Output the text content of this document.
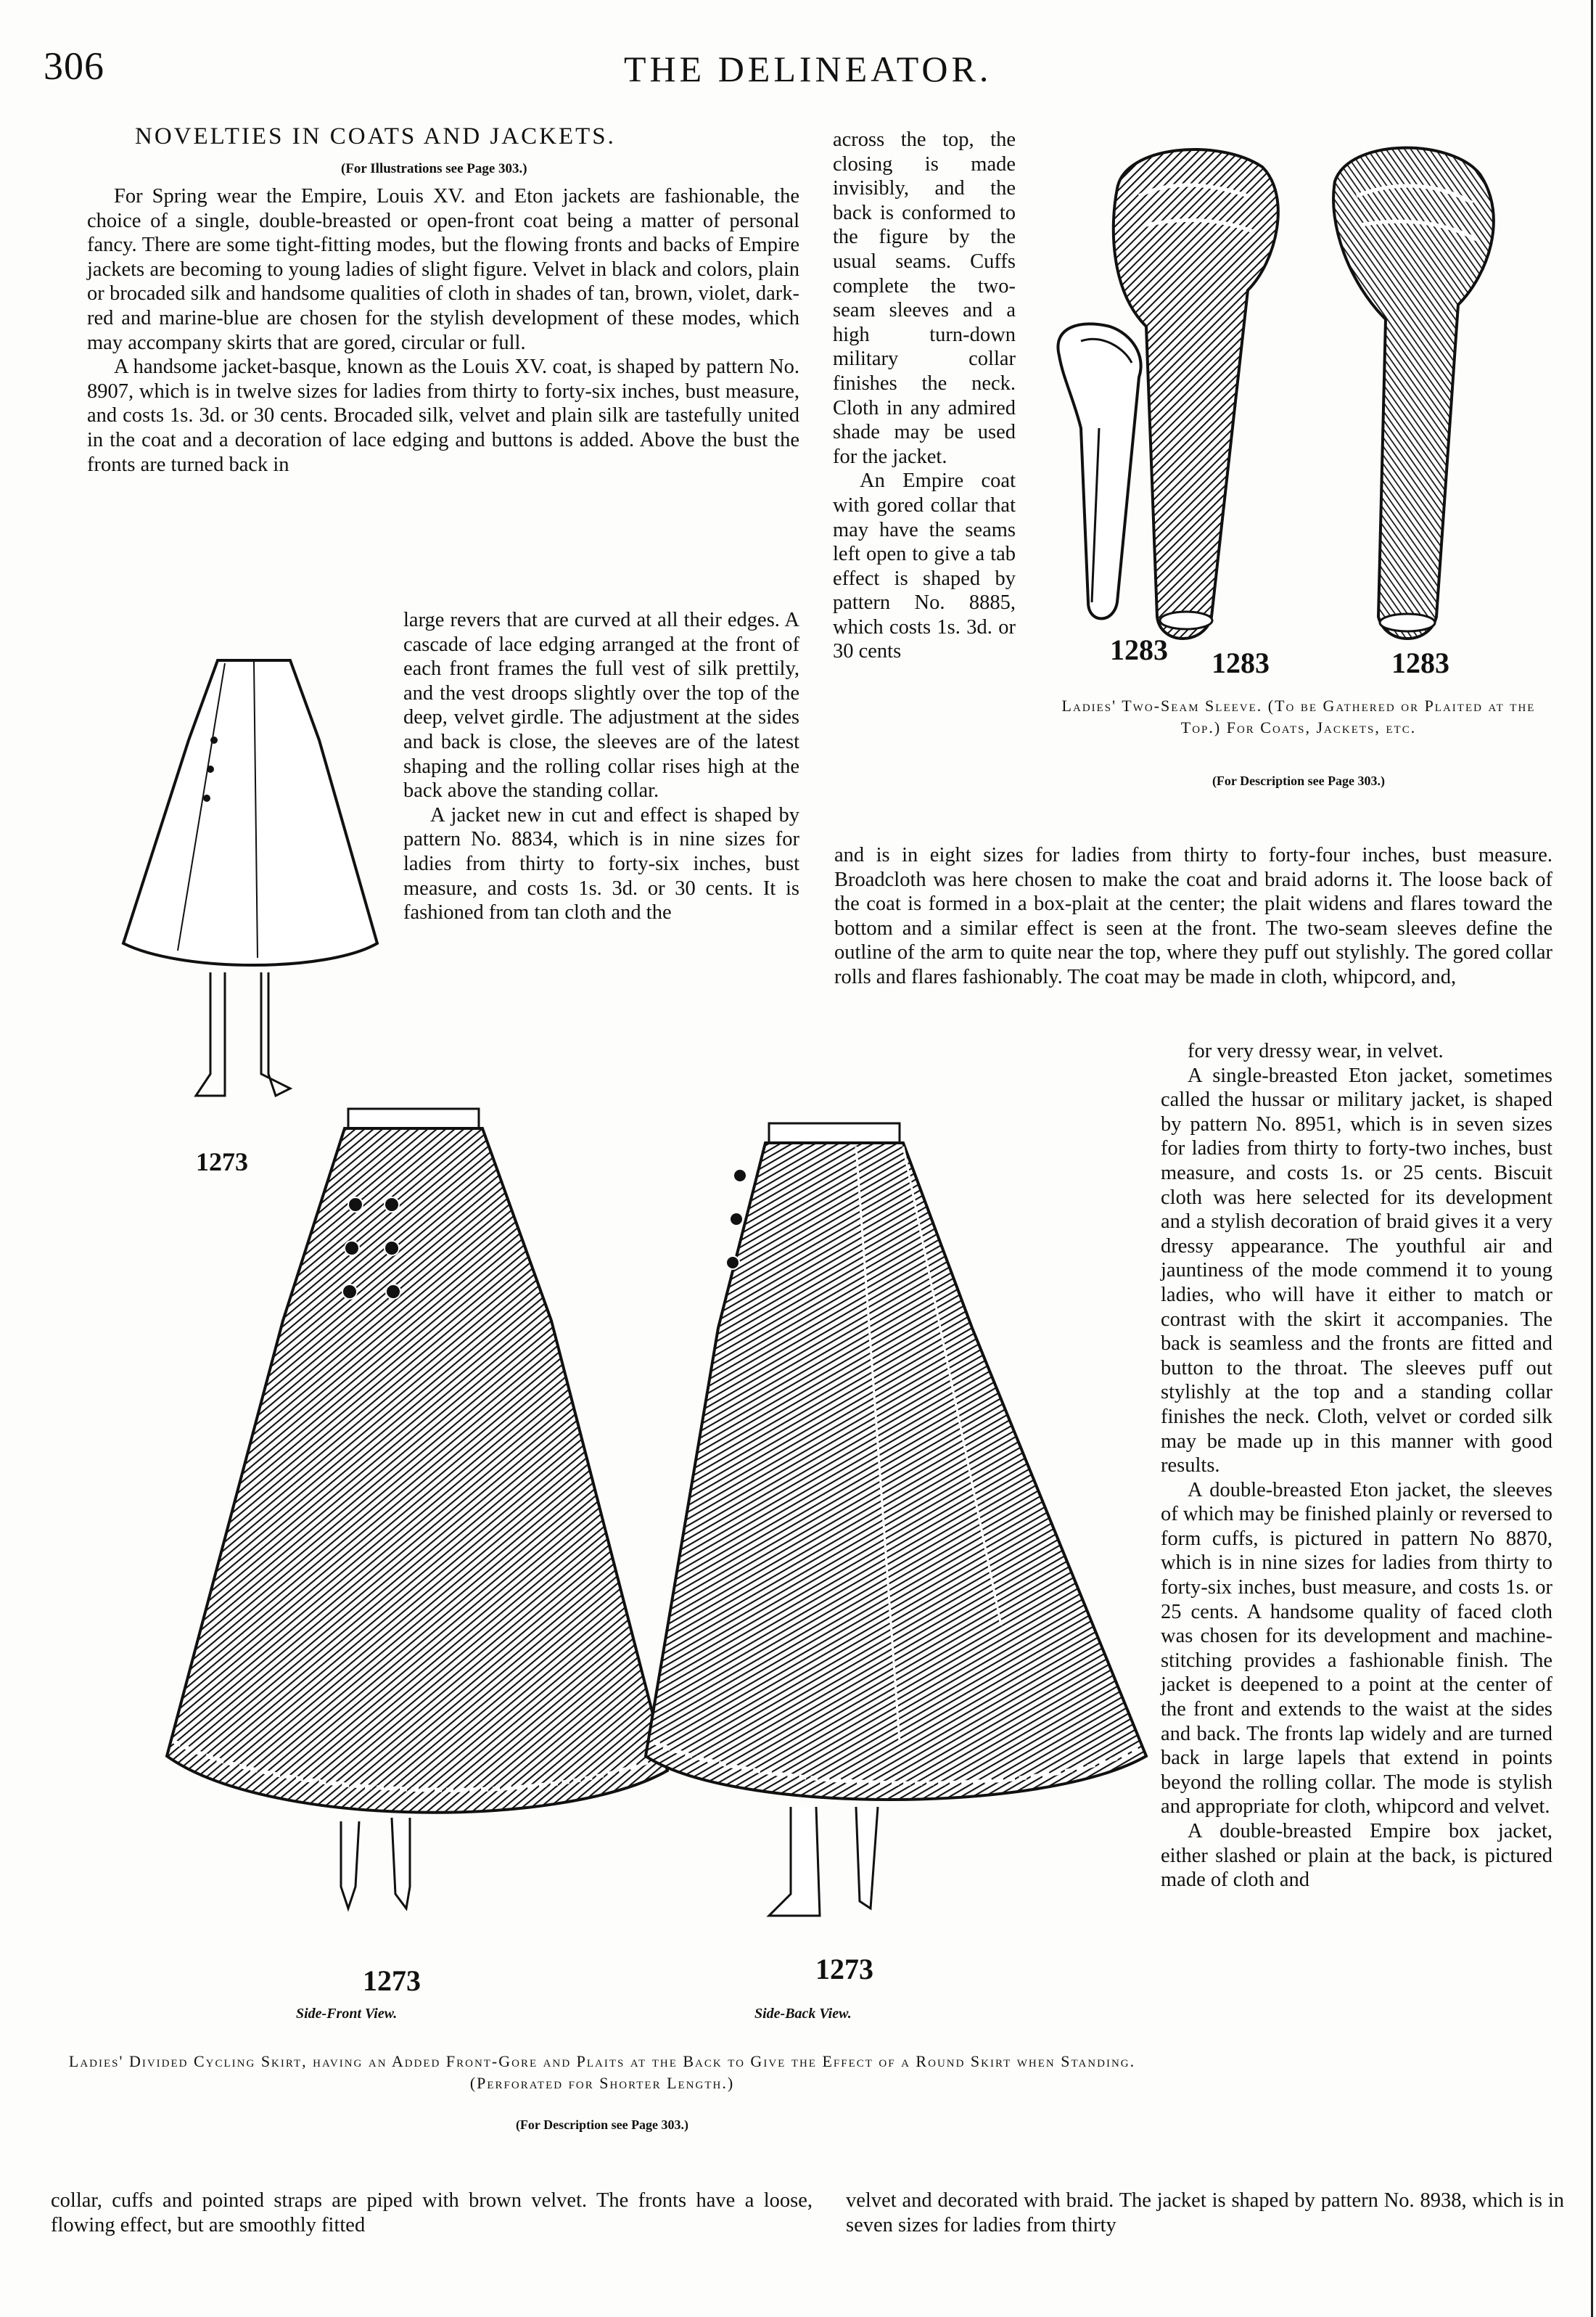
306	THE DELINEATOR.
NOVELTIES IN COATS AND JACKETS.
(For Illustrations see Page 303.)

For Spring wear the Empire, Louis XV. and Eton jackets are fashionable, the choice of a single, double-breasted or open-front coat being a matter of personal fancy. There are some tight-fitting modes, but the flowing fronts and backs of Empire jackets are becoming to young ladies of slight figure. Velvet in black and colors, plain or brocaded silk and handsome qualities of cloth in shades of tan, brown, violet, dark-red and marine-blue are chosen for the stylish development of these modes, which may accompany skirts that are gored, circular or full.

A handsome jacket-basque, known as the Louis XV. coat, is shaped by pattern No. 8907, which is in twelve sizes for ladies from thirty to forty-six inches, bust measure, and costs 1s. 3d. or 30 cents. Brocaded silk, velvet and plain silk are tastefully united in the coat and a decoration of lace edging and buttons is added. Above the bust the fronts are turned back in

large revers that are curved at all their edges. A cascade of lace edging arranged at the front of each front frames the full vest of silk prettily, and the vest droops slightly over the top of the deep, velvet girdle. The adjustment at the sides and back is close, the sleeves are of the latest shaping and the rolling collar rises high at the back above the standing collar.

A jacket new in cut and effect is shaped by pattern No. 8834, which is in nine sizes for ladies from thirty to forty-six inches, bust measure, and costs 1s. 3d. or 30 cents. It is fashioned from tan cloth and the

across the top, the closing is made invisibly, and the back is conformed to the figure by the usual seams. Cuffs complete the two-seam sleeves and a high turn-down military collar finishes the neck. Cloth in any admired shade may be used for the jacket.

An Empire coat with gored collar that may have the seams left open to give a tab effect is shaped by pattern No. 8885, which costs 1s. 3d. or 30 cents

and is in eight sizes for ladies from thirty to forty-four inches, bust measure. Broadcloth was here chosen to make the coat and braid adorns it. The loose back of the coat is formed in a box-plait at the center; the plait widens and flares toward the bottom and a similar effect is seen at the front. The two-seam sleeves define the outline of the arm to quite near the top, where they puff out stylishly. The gored collar rolls and flares fashionably. The coat may be made in cloth, whipcord, and,

for very dressy wear, in velvet.

A single-breasted Eton jacket, sometimes called the hussar or military jacket, is shaped by pattern No. 8951, which is in seven sizes for ladies from thirty to forty-two inches, bust measure, and costs 1s. or 25 cents. Biscuit cloth was here selected for its development and a stylish decoration of braid gives it a very dressy appearance. The youthful air and jauntiness of the mode commend it to young ladies, who will have it either to match or contrast with the skirt it accompanies. The back is seamless and the fronts are fitted and button to the throat. The sleeves puff out stylishly at the top and a standing collar finishes the neck. Cloth, velvet or corded silk may be made up in this manner with good results.

A double-breasted Eton jacket, the sleeves of which may be finished plainly or reversed to form cuffs, is pictured in pattern No 8870, which is in nine sizes for ladies from thirty to forty-six inches, bust measure, and costs 1s. or 25 cents. A handsome quality of faced cloth was chosen for its development and machine-stitching provides a fashionable finish. The jacket is deepened to a point at the center of the front and extends to the waist at the sides and back. The fronts lap widely and are turned back in large lapels that extend in points beyond the rolling collar. The mode is stylish and appropriate for cloth, whipcord and velvet.

A double-breasted Empire box jacket, either slashed or plain at the back, is pictured made of cloth and

collar, cuffs and pointed straps are piped with brown velvet. The fronts have a loose, flowing effect, but are smoothly fitted

velvet and decorated with braid. The jacket is shaped by pattern No. 8938, which is in seven sizes for ladies from thirty

1283 1283	1283
Ladies' Two-Seam Sleeve. (To be Gathered or Plaited at the Top.) For Coats, Jackets, etc.
(For Description see Page 303.)
1273
1273
Side-Front View.
1273
Side-Back View.
Ladies' Divided Cycling Skirt, having an Added Front-Gore and Plaits at the Back to Give the Effect of a Round Skirt when Standing. (Perforated for Shorter Length.)
(For Description see Page 303.)
